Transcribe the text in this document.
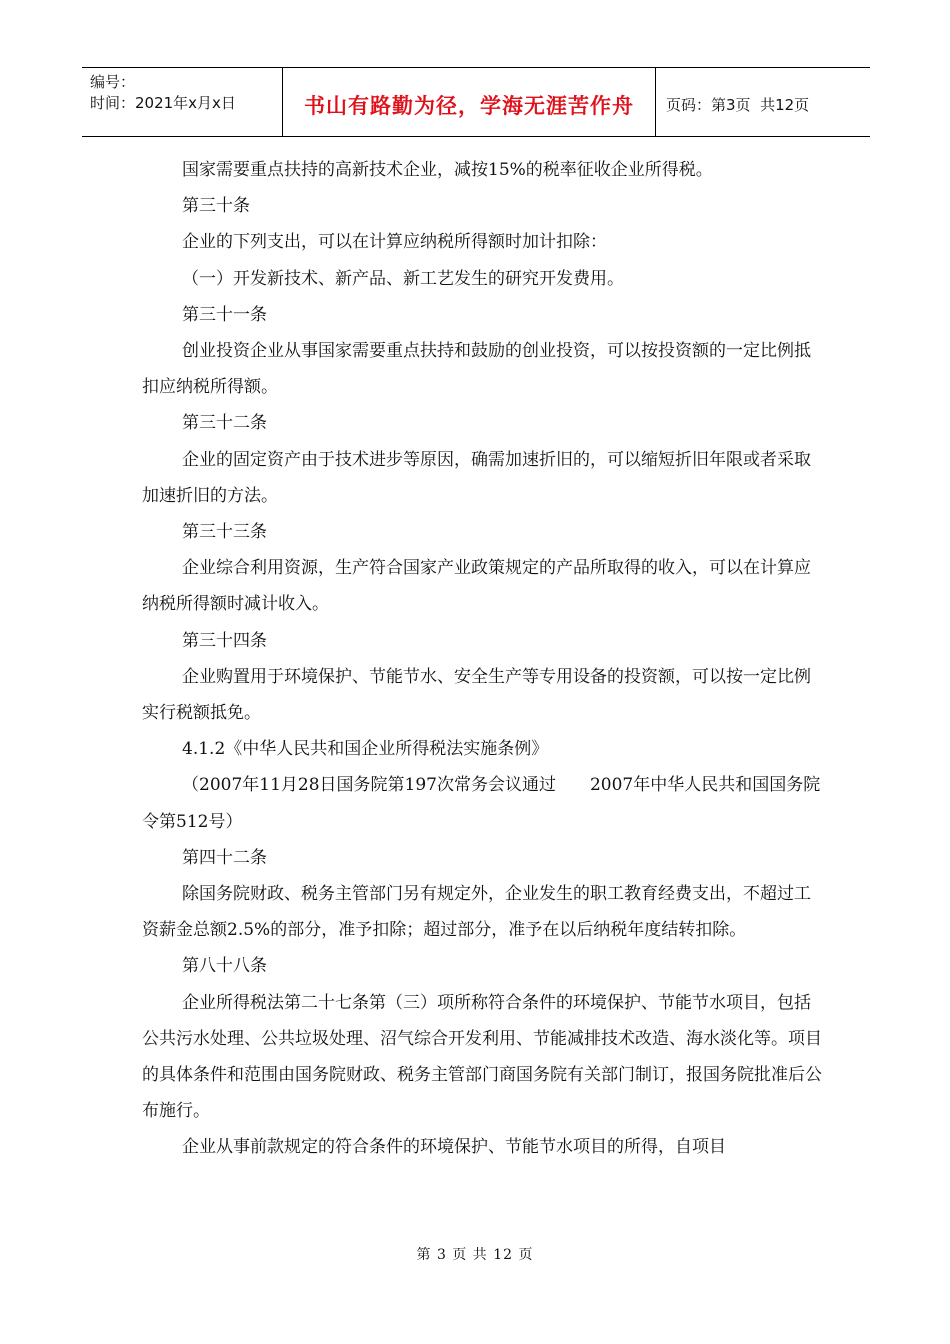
编号：
时间：2021年x月x日	书山有路勤为径，学海无涯苦作舟	页码：第3页  共12页

国家需要重点扶持的高新技术企业，减按15%的税率征收企业所得税。

第三十条

企业的下列支出，可以在计算应纳税所得额时加计扣除：

（一）开发新技术、新产品、新工艺发生的研究开发费用。

第三十一条

创业投资企业从事国家需要重点扶持和鼓励的创业投资，可以按投资额的一定比例抵扣应纳税所得额。

第三十二条

企业的固定资产由于技术进步等原因，确需加速折旧的，可以缩短折旧年限或者采取加速折旧的方法。

第三十三条

企业综合利用资源，生产符合国家产业政策规定的产品所取得的收入，可以在计算应纳税所得额时减计收入。

第三十四条

企业购置用于环境保护、节能节水、安全生产等专用设备的投资额，可以按一定比例实行税额抵免。

4.1.2《中华人民共和国企业所得税法实施条例》

（2007年11月28日国务院第197次常务会议通过　　2007年中华人民共和国国务院令第512号）

第四十二条

除国务院财政、税务主管部门另有规定外，企业发生的职工教育经费支出，不超过工资薪金总额2.5%的部分，准予扣除；超过部分，准予在以后纳税年度结转扣除。

第八十八条

企业所得税法第二十七条第（三）项所称符合条件的环境保护、节能节水项目，包括公共污水处理、公共垃圾处理、沼气综合开发利用、节能减排技术改造、海水淡化等。项目的具体条件和范围由国务院财政、税务主管部门商国务院有关部门制订，报国务院批准后公布施行。

企业从事前款规定的符合条件的环境保护、节能节水项目的所得，自项目

第 3 页 共 12 页
